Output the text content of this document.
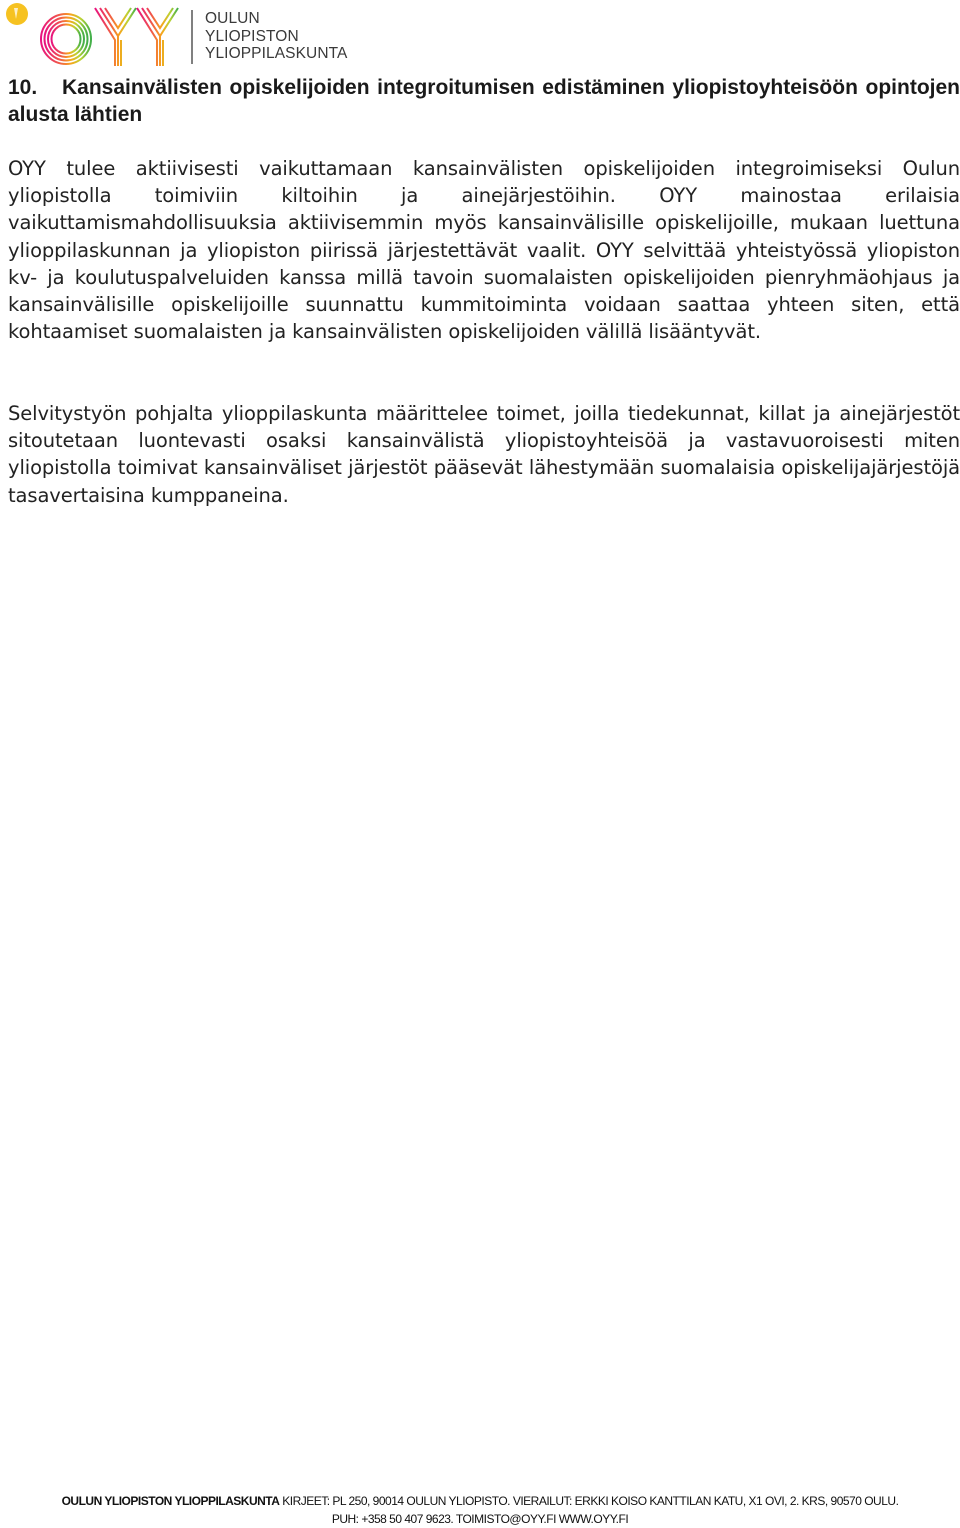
OULUN
YLIOPISTON
YLIOPPILASKUNTA
10. Kansainvälisten opiskelijoiden integroitumisen edistäminen yliopistoyhteisöön opintojen alusta lähtien

OYY tulee aktiivisesti vaikuttamaan kansainvälisten opiskelijoiden integroimiseksi Oulun yliopistolla toimiviin kiltoihin ja ainejärjestöihin. OYY mainostaa erilaisia vaikuttamismahdollisuuksia aktiivisemmin myös kansainvälisille opiskelijoille, mukaan luettuna ylioppilaskunnan ja yliopiston piirissä järjestettävät vaalit. OYY selvittää yhteistyössä yliopiston kv- ja koulutuspalveluiden kanssa millä tavoin suomalaisten opiskelijoiden pienryhmäohjaus ja kansainvälisille opiskelijoille suunnattu kummitoiminta voidaan saattaa yhteen siten, että kohtaamiset suomalaisten ja kansainvälisten opiskelijoiden välillä lisääntyvät.

Selvitystyön pohjalta ylioppilaskunta määrittelee toimet, joilla tiedekunnat, killat ja ainejärjestöt sitoutetaan luontevasti osaksi kansainvälistä yliopistoyhteisöä ja vastavuoroisesti miten yliopistolla toimivat kansainväliset järjestöt pääsevät lähestymään suomalaisia opiskelijajärjestöjä tasavertaisina kumppaneina.

OULUN YLIOPISTON YLIOPPILASKUNTA KIRJEET: PL 250, 90014 OULUN YLIOPISTO. VIERAILUT: ERKKI KOISO KANTTILAN KATU, X1 OVI, 2. KRS, 90570 OULU.
PUH: +358 50 407 9623. TOIMISTO@OYY.FI WWW.OYY.FI
